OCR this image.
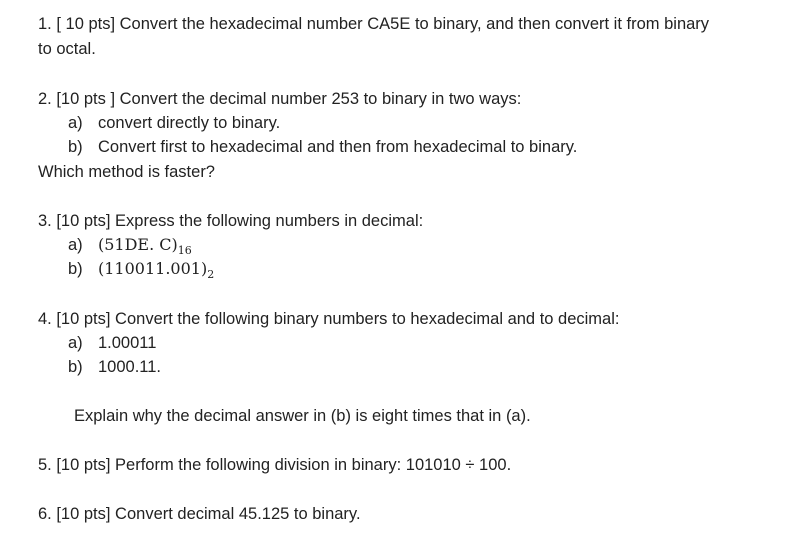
1. [ 10 pts] Convert the hexadecimal number CA5E to binary, and then convert it from binary
to octal.
2. [10 pts ] Convert the decimal number 253 to binary in two ways:
a) convert directly to binary.
b) Convert first to hexadecimal and then from hexadecimal to binary.
Which method is faster?
3. [10 pts] Express the following numbers in decimal:
a) (51DE. $C)_{16}$
b) $(110011.001)_2$
4. [10 pts] Convert the following binary numbers to hexadecimal and to decimal:
a) 1.00011
b) 1000.11.
Explain why the decimal answer in (b) is eight times that in (a).
5. [10 pts] Perform the following division in binary: 101010 ÷ 100.
6. [10 pts] Convert decimal 45.125 to binary.
